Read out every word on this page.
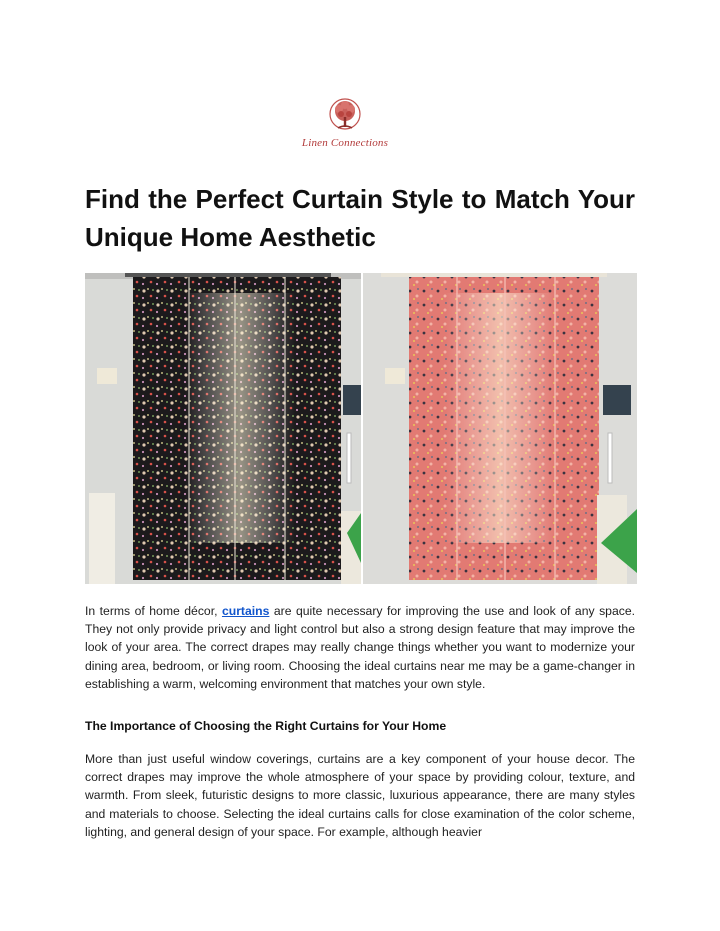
Linen Connections
Find the Perfect Curtain Style to Match Your Unique Home Aesthetic

In terms of home décor, curtains are quite necessary for improving the use and look of any space. They not only provide privacy and light control but also a strong design feature that may improve the look of your area. The correct drapes may really change things whether you want to modernize your dining area, bedroom, or living room. Choosing the ideal curtains near me may be a game-changer in establishing a warm, welcoming environment that matches your own style.

The Importance of Choosing the Right Curtains for Your Home

More than just useful window coverings, curtains are a key component of your house decor. The correct drapes may improve the whole atmosphere of your space by providing colour, texture, and warmth. From sleek, futuristic designs to more classic, luxurious appearance, there are many styles and materials to choose. Selecting the ideal curtains calls for close examination of the color scheme, lighting, and general design of your space. For example, although heavier
